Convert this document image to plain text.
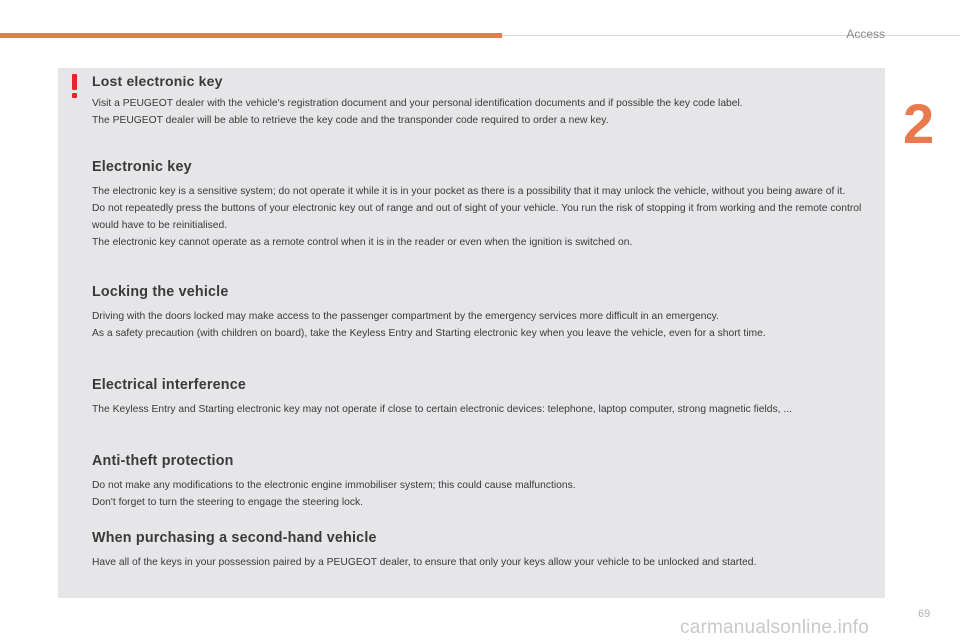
Access
2
Lost electronic key

Visit a PEUGEOT dealer with the vehicle's registration document and your personal identification documents and if possible the key code label.

The PEUGEOT dealer will be able to retrieve the key code and the transponder code required to order a new key.

Electronic key

The electronic key is a sensitive system; do not operate it while it is in your pocket as there is a possibility that it may unlock the vehicle, without you being aware of it.

Do not repeatedly press the buttons of your electronic key out of range and out of sight of your vehicle. You run the risk of stopping it from working and the remote control would have to be reinitialised.

The electronic key cannot operate as a remote control when it is in the reader or even when the ignition is switched on.

Locking the vehicle

Driving with the doors locked may make access to the passenger compartment by the emergency services more difficult in an emergency.

As a safety precaution (with children on board), take the Keyless Entry and Starting electronic key when you leave the vehicle, even for a short time.

Electrical interference

The Keyless Entry and Starting electronic key may not operate if close to certain electronic devices: telephone, laptop computer, strong magnetic fields, ...

Anti-theft protection

Do not make any modifications to the electronic engine immobiliser system; this could cause malfunctions.

Don't forget to turn the steering to engage the steering lock.

When purchasing a second-hand vehicle

Have all of the keys in your possession paired by a PEUGEOT dealer, to ensure that only your keys allow your vehicle to be unlocked and started.

69
carmanualsonline.info
